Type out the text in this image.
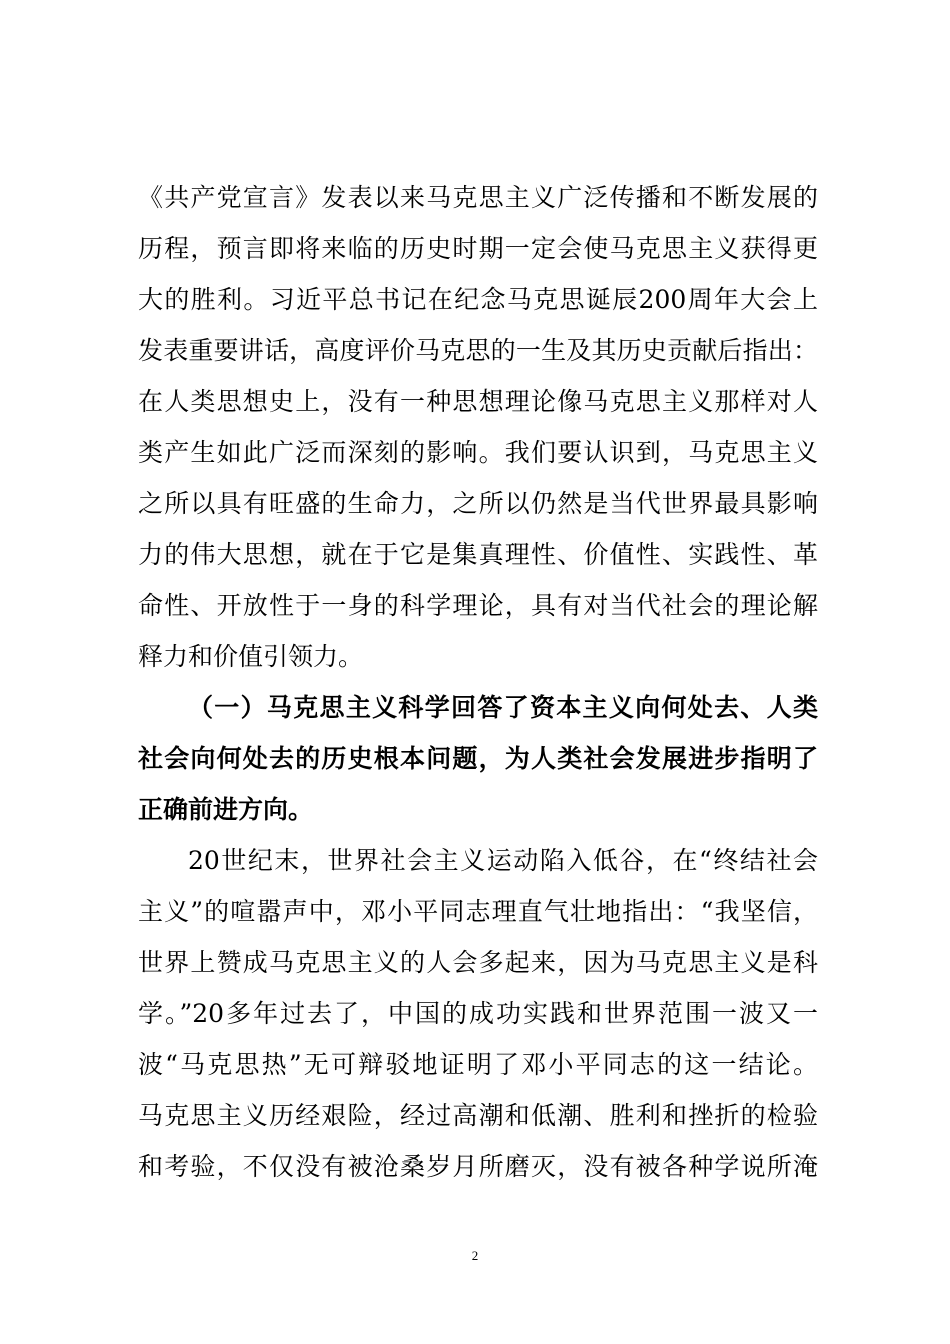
《共产党宣言》发表以来马克思主义广泛传播和不断发展的
历程，预言即将来临的历史时期一定会使马克思主义获得更
大的胜利。习近平总书记在纪念马克思诞辰200周年大会上
发表重要讲话，高度评价马克思的一生及其历史贡献后指出：
在人类思想史上，没有一种思想理论像马克思主义那样对人
类产生如此广泛而深刻的影响。我们要认识到，马克思主义
之所以具有旺盛的生命力，之所以仍然是当代世界最具影响
力的伟大思想，就在于它是集真理性、价值性、实践性、革
命性、开放性于一身的科学理论，具有对当代社会的理论解
释力和价值引领力。
（一）马克思主义科学回答了资本主义向何处去、人类
社会向何处去的历史根本问题，为人类社会发展进步指明了
正确前进方向。
20世纪末，世界社会主义运动陷入低谷，在“终结社会
主义”的喧嚣声中，邓小平同志理直气壮地指出：“我坚信，
世界上赞成马克思主义的人会多起来，因为马克思主义是科
学。”20多年过去了，中国的成功实践和世界范围一波又一
波“马克思热”无可辩驳地证明了邓小平同志的这一结论。
马克思主义历经艰险，经过高潮和低潮、胜利和挫折的检验
和考验，不仅没有被沧桑岁月所磨灭，没有被各种学说所淹
2
